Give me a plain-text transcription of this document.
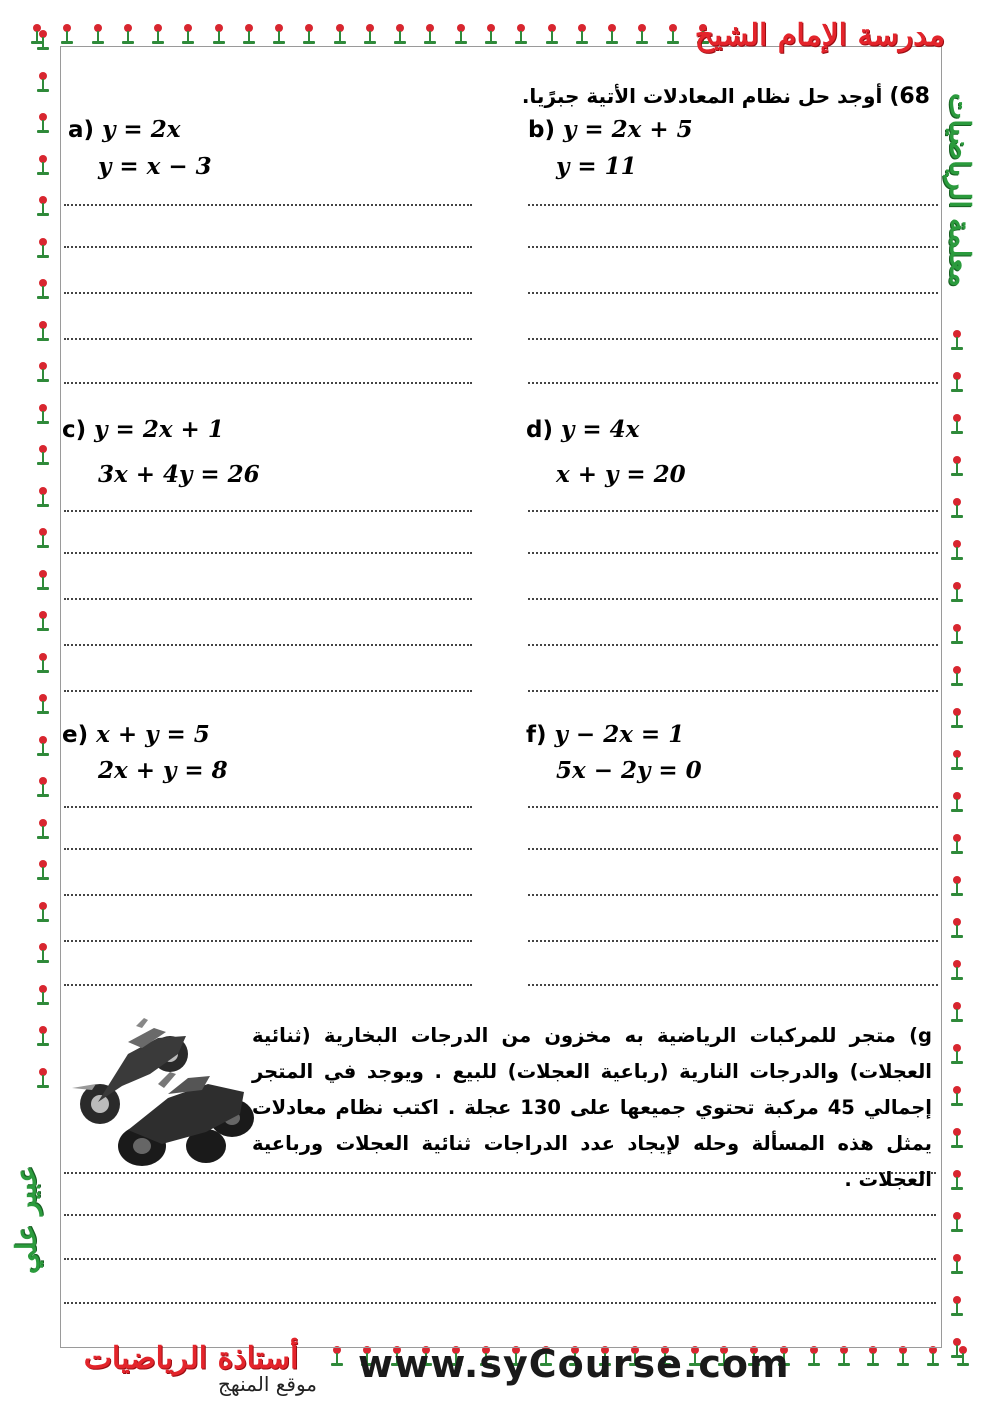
مدرسة الإمام الشيخ
معلمة الرياضيات
عبير علي
أستاذة الرياضيات
68) أوجد حل نظام المعادلات الأتية جبرًيا.
a) y = 2x
y = x − 3
b) y = 2x + 5
y = 11
c) y = 2x + 1
3x + 4y = 26
d) y = 4x
x + y = 20
e) x + y = 5
2x + y = 8
f) y − 2x = 1
5x − 2y = 0
g) متجر للمركبات الرياضية به مخزون من الدرجات البخارية (ثنائية العجلات) والدرجات النارية (رباعية العجلات) للبيع . ويوجد في المتجر إجمالي 45 مركبة تحتوي جميعها على 130 عجلة . اكتب نظام معادلات يمثل هذه المسألة وحله لإيجاد عدد الدراجات ثنائية العجلات ورباعية العجلات .
موقع المنهج www.syCourse.com
